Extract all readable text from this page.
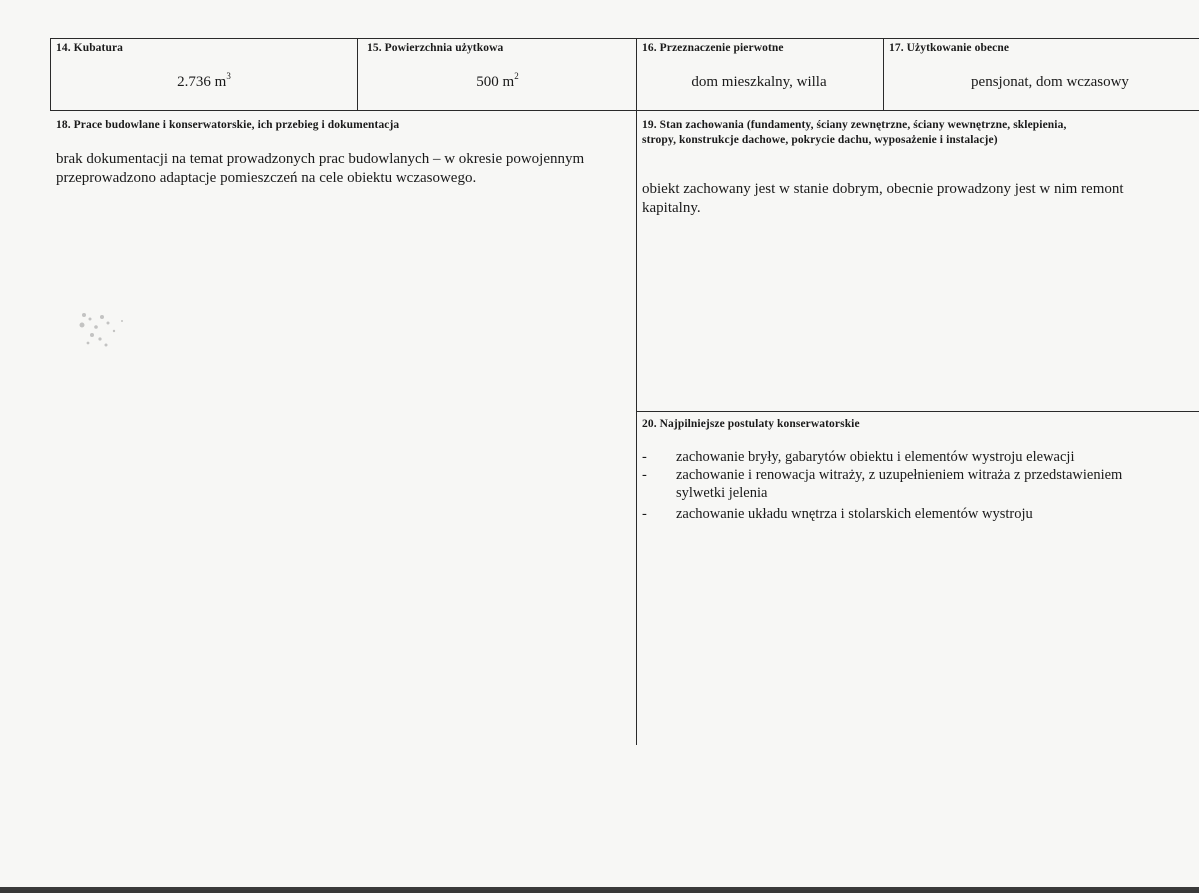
14. Kubatura
2.736 $m^3$
15. Powierzchnia użytkowa
500 $m^2$
16. Przeznaczenie pierwotne
dom mieszkalny, willa
17. Użytkowanie obecne
pensjonat, dom wczasowy
18. Prace budowlane i konserwatorskie, ich przebieg i dokumentacja
brak dokumentacji na temat prowadzonych prac budowlanych – w okresie powojennym
przeprowadzono adaptacje pomieszczeń na cele obiektu wczasowego.
19. Stan zachowania (fundamenty, ściany zewnętrzne, ściany wewnętrzne, sklepienia,
stropy, konstrukcje dachowe, pokrycie dachu, wyposażenie i instalacje)
obiekt zachowany jest w stanie dobrym, obecnie prowadzony jest w nim remont
kapitalny.
20. Najpilniejsze postulaty konserwatorskie
- zachowanie bryły, gabarytów obiektu i elementów wystroju elewacji
- zachowanie i renowacja witraży, z uzupełnieniem witraża z przedstawieniem
sylwetki jelenia
- zachowanie układu wnętrza i stolarskich elementów wystroju
